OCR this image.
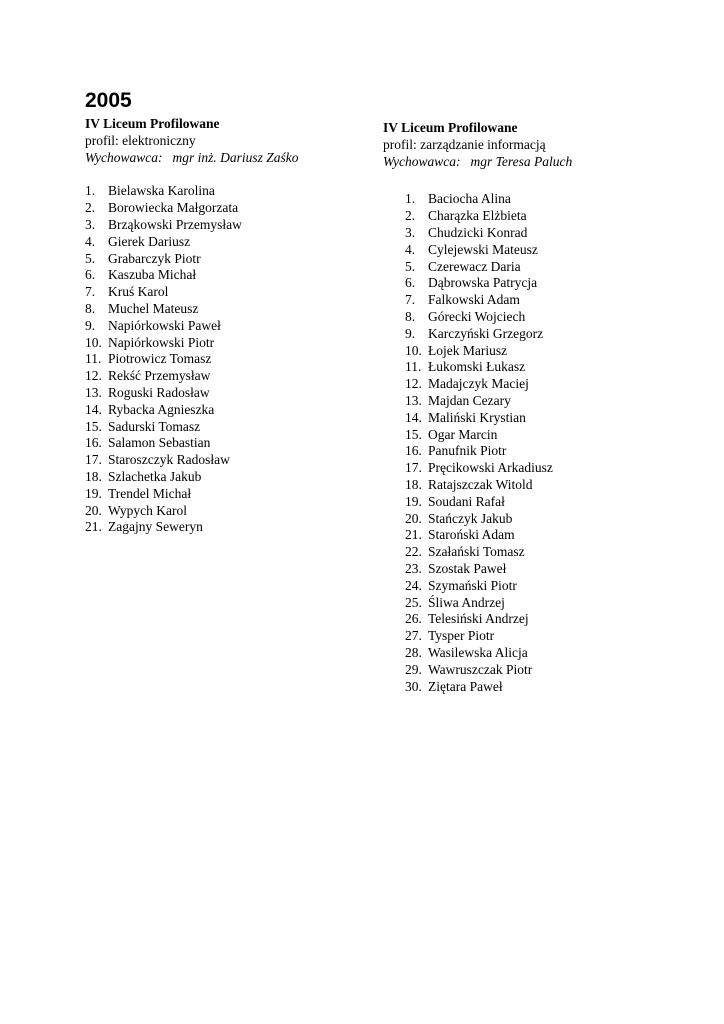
2005

IV Liceum Profilowane

profil: elektroniczny

Wychowawca: mgr inż. Dariusz Zaśko

1. Bielawska Karolina
2. Borowiecka Małgorzata
3. Brząkowski Przemysław
4. Gierek Dariusz
5. Grabarczyk Piotr
6. Kaszuba Michał
7. Kruś Karol
8. Muchel Mateusz
9. Napiórkowski Paweł
10. Napiórkowski Piotr
11. Piotrowicz Tomasz
12. Rekść Przemysław
13. Roguski Radosław
14. Rybacka Agnieszka
15. Sadurski Tomasz
16. Salamon Sebastian
17. Staroszczyk Radosław
18. Szlachetka Jakub
19. Trendel Michał
20. Wypych Karol
21. Zagajny Seweryn

IV Liceum Profilowane

profil: zarządzanie informacją

Wychowawca: mgr Teresa Paluch

1. Baciocha Alina
2. Charązka Elżbieta
3. Chudzicki Konrad
4. Cylejewski Mateusz
5. Czerewacz Daria
6. Dąbrowska Patrycja
7. Falkowski Adam
8. Górecki Wojciech
9. Karczyński Grzegorz
10. Łojek Mariusz
11. Łukomski Łukasz
12. Madajczyk Maciej
13. Majdan Cezary
14. Maliński Krystian
15. Ogar Marcin
16. Panufnik Piotr
17. Pręcikowski Arkadiusz
18. Ratajszczak Witold
19. Soudani Rafał
20. Stańczyk Jakub
21. Staroński Adam
22. Szałański Tomasz
23. Szostak Paweł
24. Szymański Piotr
25. Śliwa Andrzej
26. Telesiński Andrzej
27. Tysper Piotr
28. Wasilewska Alicja
29. Wawruszczak Piotr
30. Ziętara Paweł
